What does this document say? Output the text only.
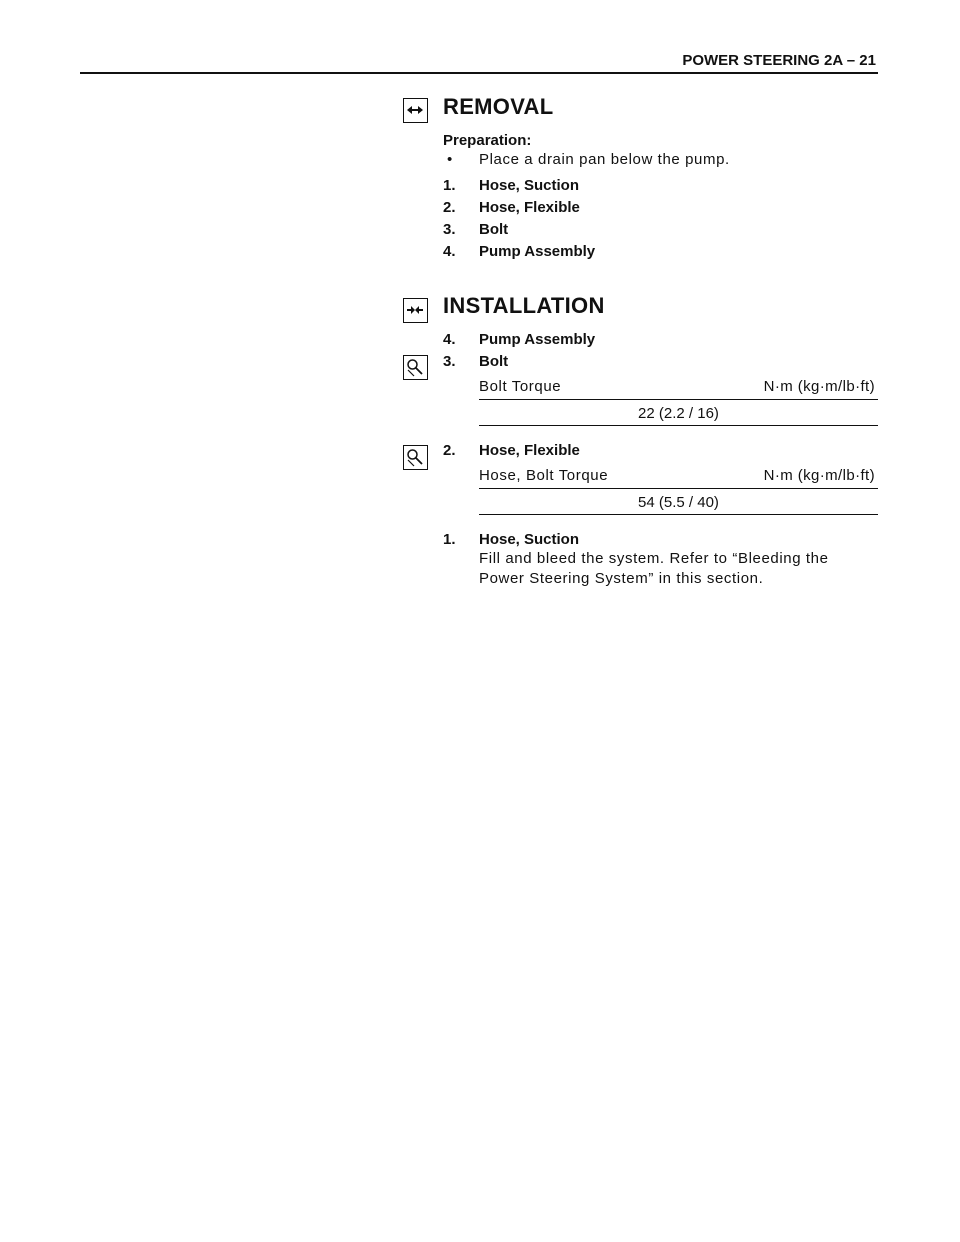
POWER STEERING 2A – 21
REMOVAL
Preparation:
• Place a drain pan below the pump.
1. Hose, Suction
2. Hose, Flexible
3. Bolt
4. Pump Assembly
INSTALLATION
4. Pump Assembly
3. Bolt
Bolt Torque	N·m (kg·m/lb·ft)
22 (2.2 / 16)
2. Hose, Flexible
Hose, Bolt Torque	N·m (kg·m/lb·ft)
54 (5.5 / 40)
1. Hose, Suction
Fill and bleed the system. Refer to “Bleeding the
Power Steering System” in this section.
